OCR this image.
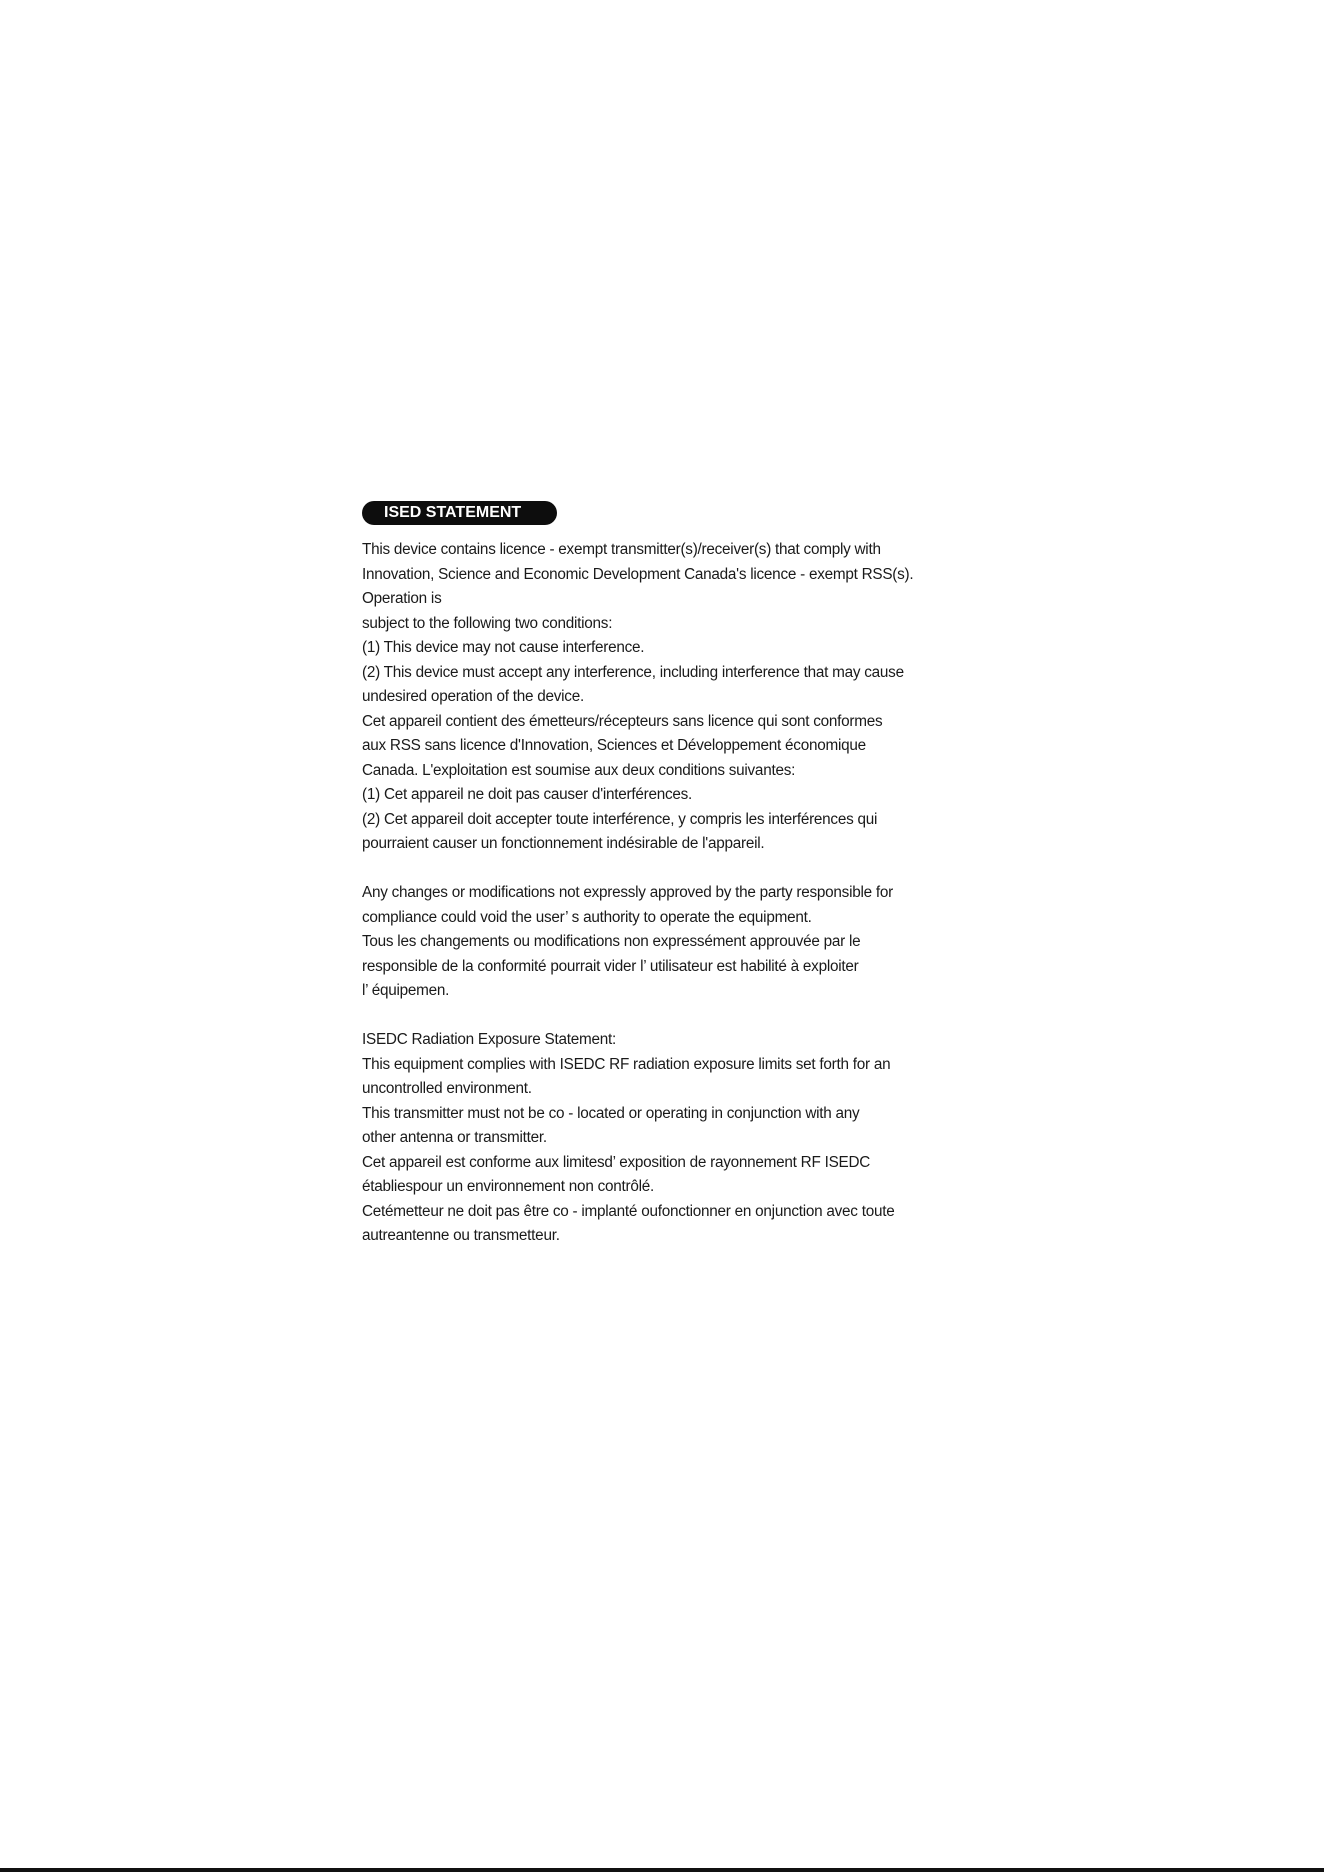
ISED STATEMENT
This device contains licence - exempt transmitter(s)/receiver(s) that comply with
Innovation, Science and Economic Development Canada's licence - exempt RSS(s).
Operation is
subject to the following two conditions:
(1) This device may not cause interference.
(2) This device must accept any interference, including interference that may cause
undesired operation of the device.
Cet appareil contient des émetteurs/récepteurs sans licence qui sont conformes
aux RSS sans licence d'Innovation, Sciences et Développement économique
Canada. L'exploitation est soumise aux deux conditions suivantes:
(1) Cet appareil ne doit pas causer d'interférences.
(2) Cet appareil doit accepter toute interférence, y compris les interférences qui
pourraient causer un fonctionnement indésirable de l'appareil.
Any changes or modifications not expressly approved by the party responsible for
compliance could void the user’ s authority to operate the equipment.
Tous les changements ou modifications non expressément approuvée par le
responsible de la conformité pourrait vider l’ utilisateur est habilité à exploiter
l’ équipemen.
ISEDC Radiation Exposure Statement:
This equipment complies with ISEDC RF radiation exposure limits set forth for an
uncontrolled environment.
This transmitter must not be co - located or operating in conjunction with any
other antenna or transmitter.
Cet appareil est conforme aux limitesd’ exposition de rayonnement RF ISEDC
établiespour un environnement non contrôlé.
Cetémetteur ne doit pas être co - implanté oufonctionner en onjunction avec toute
autreantenne ou transmetteur.
